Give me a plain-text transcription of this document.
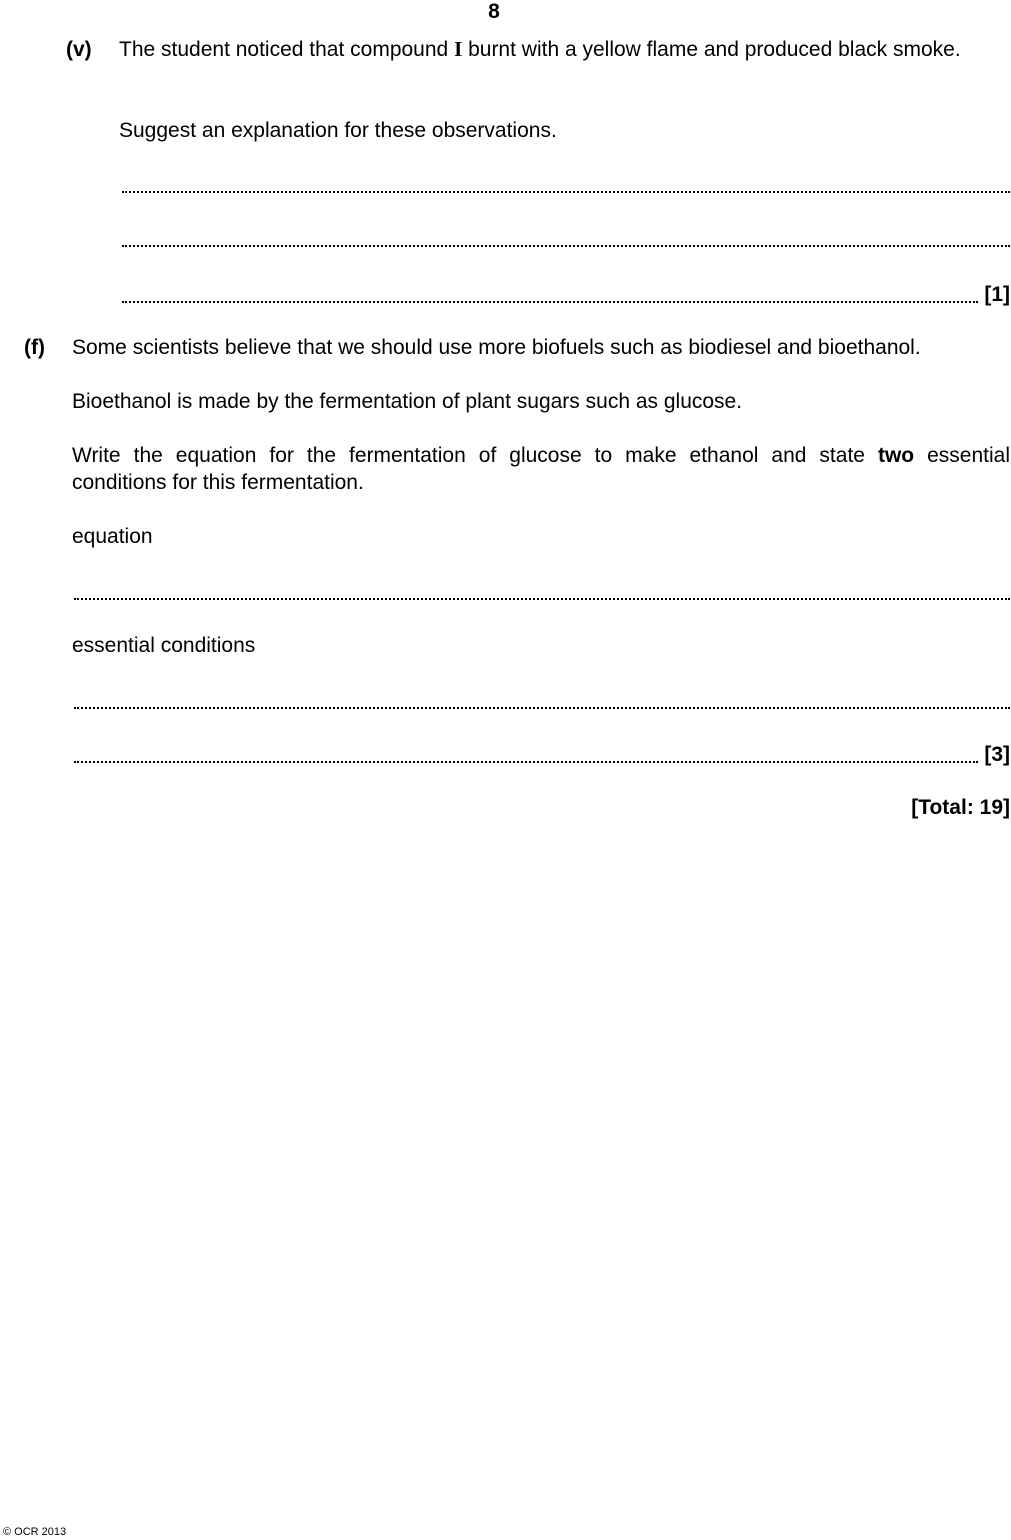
8
(v) The student noticed that compound I burnt with a yellow flame and produced black smoke.
Suggest an explanation for these observations.
[1]
(f) Some scientists believe that we should use more biofuels such as biodiesel and bioethanol.
Bioethanol is made by the fermentation of plant sugars such as glucose.
Write the equation for the fermentation of glucose to make ethanol and state two essential conditions for this fermentation.
equation
essential conditions
[3]
[Total: 19]
© OCR 2013
